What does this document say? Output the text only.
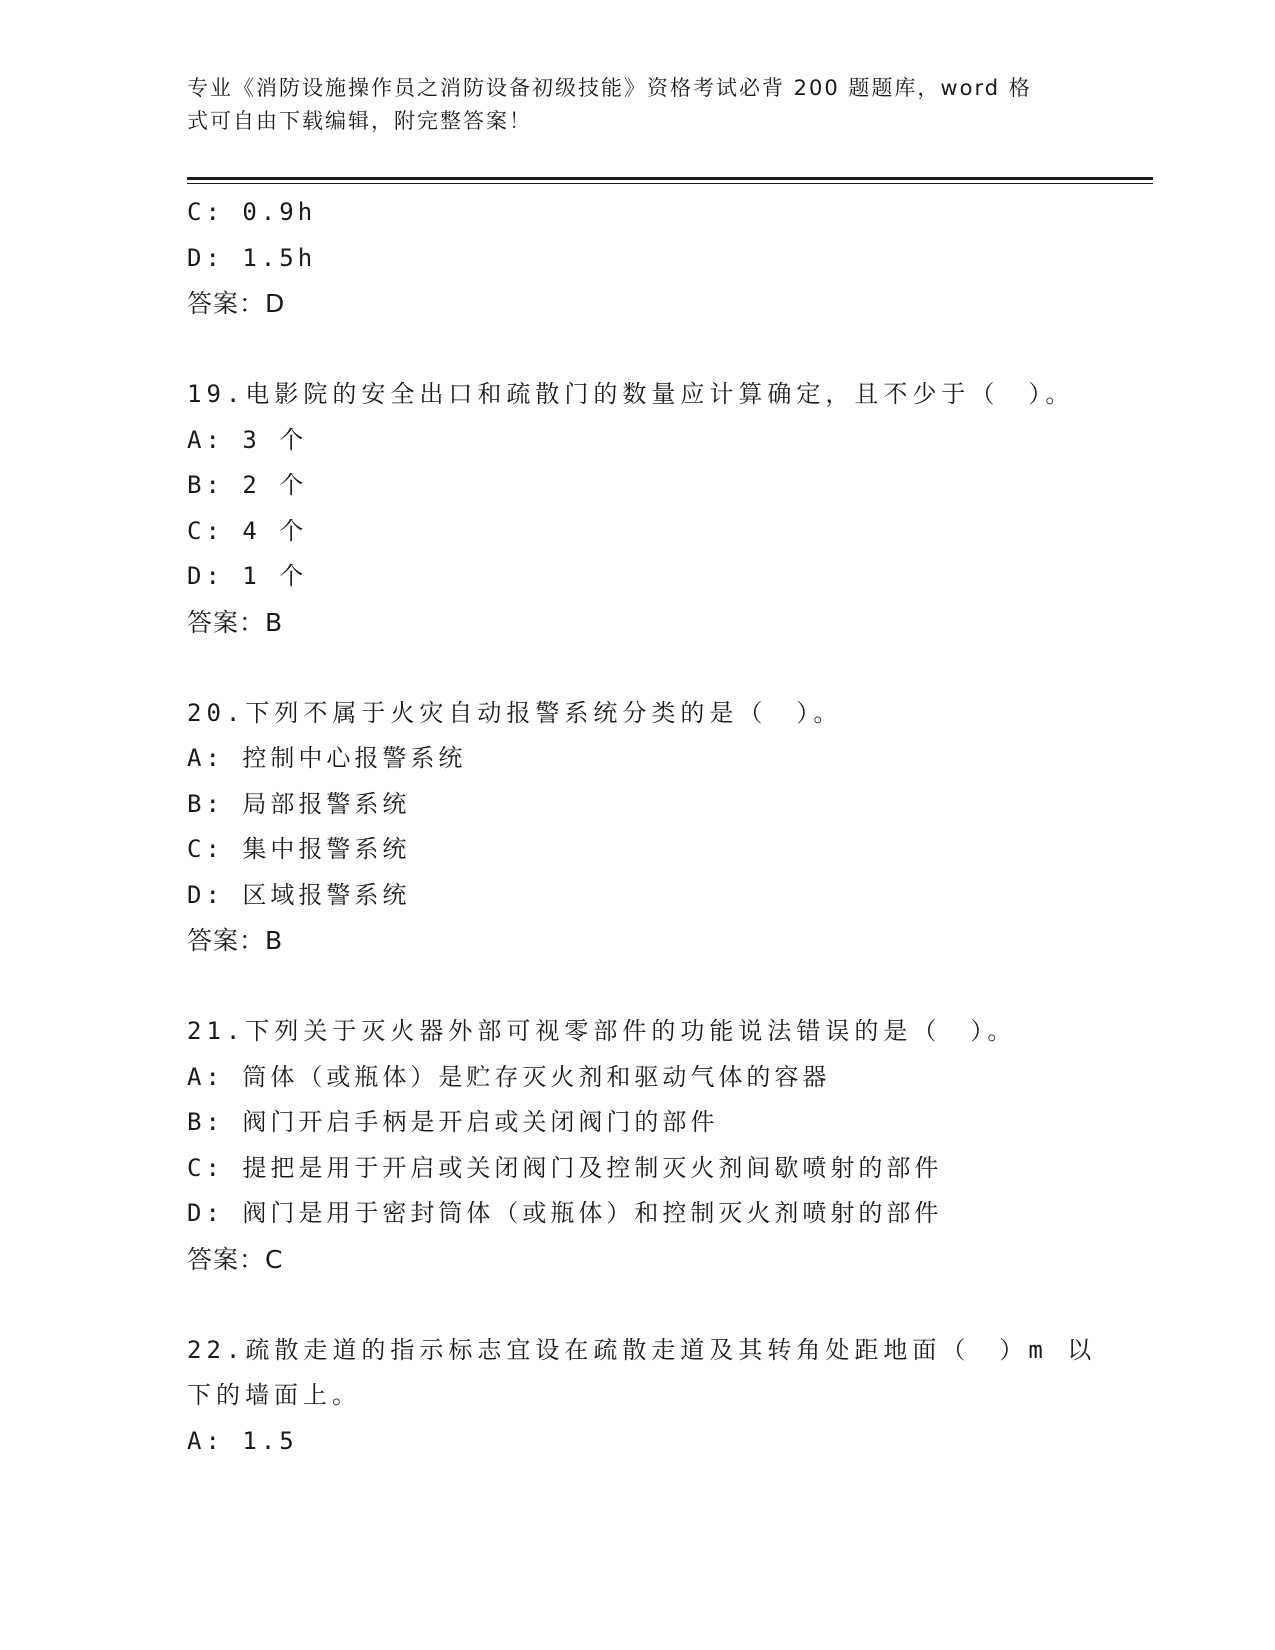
专业《消防设施操作员之消防设备初级技能》资格考试必背 200 题题库，word 格
式可自由下载编辑，附完整答案！
C: 0.9h
D: 1.5h
答案：D
19.电影院的安全出口和疏散门的数量应计算确定，且不少于（　）。
A: 3 个
B: 2 个
C: 4 个
D: 1 个
答案：B
20.下列不属于火灾自动报警系统分类的是（　）。
A: 控制中心报警系统
B: 局部报警系统
C: 集中报警系统
D: 区域报警系统
答案：B
21.下列关于灭火器外部可视零部件的功能说法错误的是（　）。
A: 筒体（或瓶体）是贮存灭火剂和驱动气体的容器
B: 阀门开启手柄是开启或关闭阀门的部件
C: 提把是用于开启或关闭阀门及控制灭火剂间歇喷射的部件
D: 阀门是用于密封筒体（或瓶体）和控制灭火剂喷射的部件
答案：C
22.疏散走道的指示标志宜设在疏散走道及其转角处距地面（　）m 以
下的墙面上。
A: 1.5
